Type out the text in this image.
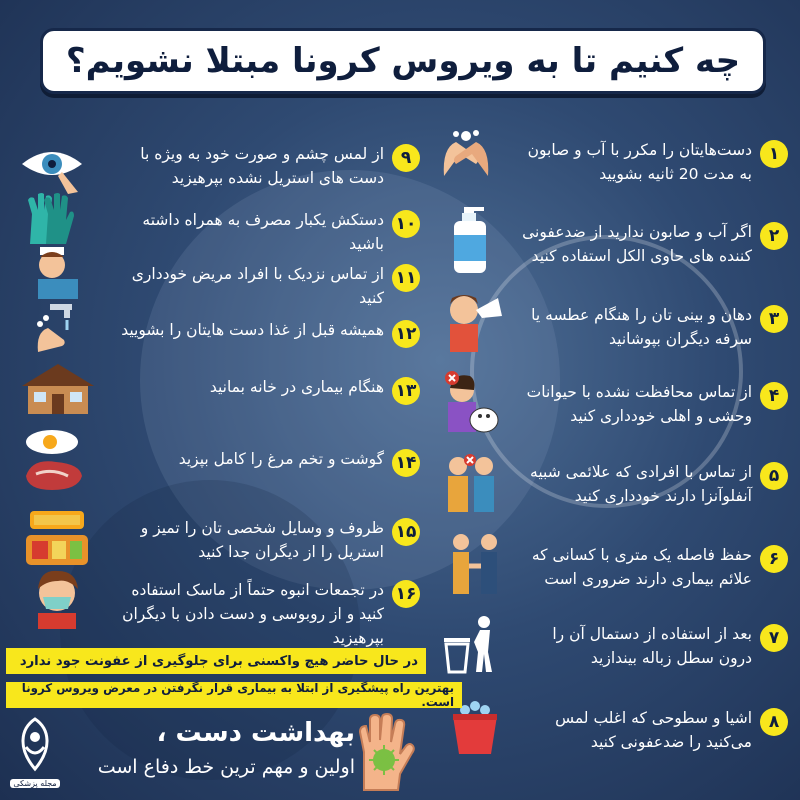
چه کنیم تا به ویروس کرونا مبتلا نشویم؟
۱
دست‌هایتان را مکرر با آب و صابون به مدت 20 ثانیه بشویید
۲
اگر آب و صابون ندارید از ضدعفونی کننده های حاوی الکل استفاده کنید
۳
دهان و بینی تان را هنگام عطسه یا سرفه دیگران بپوشانید
۴
از تماس محافظت نشده با حیوانات وحشی و اهلی خودداری کنید
۵
از تماس با افرادی که علائمی شبیه آنفلوآنزا دارند خودداری کنید
۶
حفظ فاصله یک متری با کسانی که علائم بیماری دارند ضروری است
۷
بعد از استفاده از دستمال آن را درون سطل زباله بیندازید
۸
اشیا و سطوحی که اغلب لمس می‌کنید را ضدعفونی کنید
۹
از لمس چشم و صورت خود به ویژه با دست های استریل نشده بپرهیزید
۱۰
دستکش یکبار مصرف به همراه داشته باشید
۱۱
از تماس نزدیک با افراد مریض خودداری کنید
۱۲
همیشه قبل از غذا دست هایتان را بشویید
۱۳
هنگام بیماری در خانه بمانید
۱۴
گوشت و تخم مرغ را کامل بپزید
۱۵
ظروف و وسایل شخصی تان را تمیز و استریل را از دیگران جدا کنید
۱۶
در تجمعات انبوه حتماً از ماسک استفاده کنید و از روبوسی و دست دادن با دیگران بپرهیزید
در حال حاضر هیچ واکسنی برای جلوگیری از عفونت جود ندارد
بهترین راه پیشگیری از ابتلا به بیماری قرار نگرفتن در معرض ویروس کرونا است.
مجله پزشکی
بهداشت دست ،
اولین و مهم ترین خط دفاع است
